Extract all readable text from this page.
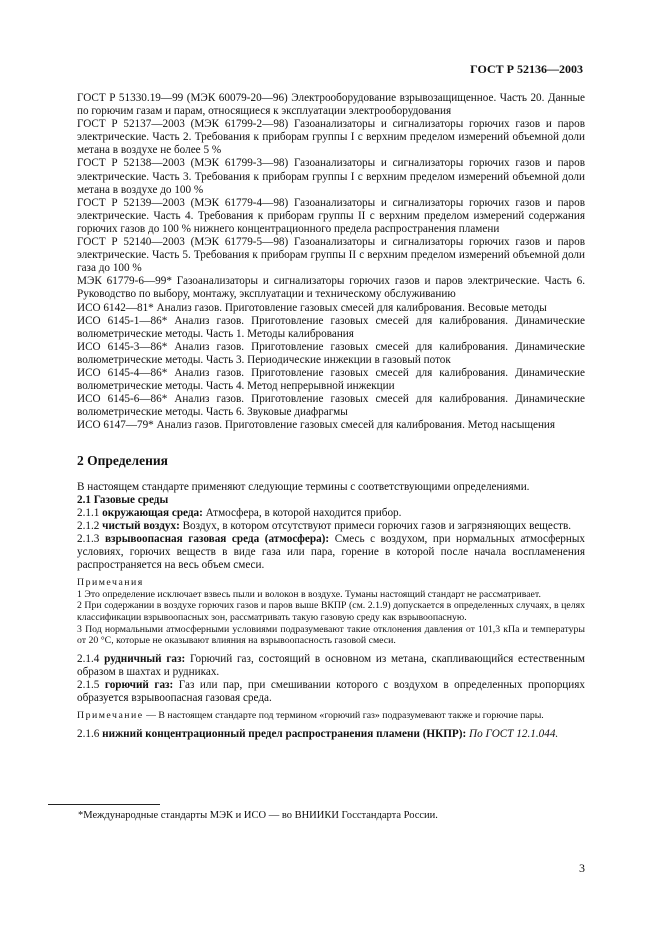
ГОСТ Р 52136—2003

ГОСТ Р 51330.19—99 (МЭК 60079-20—96) Электрооборудование взрывозащищенное. Часть 20. Данные по горючим газам и парам, относящиеся к эксплуатации электрооборудования

ГОСТ Р 52137—2003 (МЭК 61799-2—98) Газоанализаторы и сигнализаторы горючих газов и паров электрические. Часть 2. Требования к приборам группы I с верхним пределом измерений объемной доли метана в воздухе не более 5 %

ГОСТ Р 52138—2003 (МЭК 61799-3—98) Газоанализаторы и сигнализаторы горючих газов и паров электрические. Часть 3. Требования к приборам группы I с верхним пределом измерений объемной доли метана в воздухе до 100 %

ГОСТ Р 52139—2003 (МЭК 61779-4—98) Газоанализаторы и сигнализаторы горючих газов и паров электрические. Часть 4. Требования к приборам группы II с верхним пределом измерений содержания горючих газов до 100 % нижнего концентрационного предела распространения пламени

ГОСТ Р 52140—2003 (МЭК 61779-5—98) Газоанализаторы и сигнализаторы горючих газов и паров электрические. Часть 5. Требования к приборам группы II с верхним пределом измерений объемной доли газа до 100 %

МЭК 61779-6—99* Газоанализаторы и сигнализаторы горючих газов и паров электрические. Часть 6. Руководство по выбору, монтажу, эксплуатации и техническому обслуживанию

ИСО 6142—81* Анализ газов. Приготовление газовых смесей для калибрования. Весовые методы

ИСО 6145-1—86* Анализ газов. Приготовление газовых смесей для калибрования. Динамические волюметрические методы. Часть 1. Методы калибрования

ИСО 6145-3—86* Анализ газов. Приготовление газовых смесей для калибрования. Динамические волюметрические методы. Часть 3. Периодические инжекции в газовый поток

ИСО 6145-4—86* Анализ газов. Приготовление газовых смесей для калибрования. Динамические волюметрические методы. Часть 4. Метод непрерывной инжекции

ИСО 6145-6—86* Анализ газов. Приготовление газовых смесей для калибрования. Динамические волюметрические методы. Часть 6. Звуковые диафрагмы

ИСО 6147—79* Анализ газов. Приготовление газовых смесей для калибрования. Метод насыщения

2 Определения

В настоящем стандарте применяют следующие термины с соответствующими определениями.

2.1 Газовые среды

2.1.1 окружающая среда: Атмосфера, в которой находится прибор.

2.1.2 чистый воздух: Воздух, в котором отсутствуют примеси горючих газов и загрязняющих веществ.

2.1.3 взрывоопасная газовая среда (атмосфера): Смесь с воздухом, при нормальных атмосферных условиях, горючих веществ в виде газа или пара, горение в которой после начала воспламенения распространяется на весь объем смеси.

Примечания

1 Это определение исключает взвесь пыли и волокон в воздухе. Туманы настоящий стандарт не рассматривает.

2 При содержании в воздухе горючих газов и паров выше ВКПР (см. 2.1.9) допускается в определенных случаях, в целях классификации взрывоопасных зон, рассматривать такую газовую среду как взрывоопасную.

3 Под нормальными атмосферными условиями подразумевают такие отклонения давления от 101,3 кПа и температуры от 20 °С, которые не оказывают влияния на взрывоопасность газовой смеси.

2.1.4 рудничный газ: Горючий газ, состоящий в основном из метана, скапливающийся естественным образом в шахтах и рудниках.

2.1.5 горючий газ: Газ или пар, при смешивании которого с воздухом в определенных пропорциях образуется взрывоопасная газовая среда.

Примечание — В настоящем стандарте под термином «горючий газ» подразумевают также и горючие пары.

2.1.6 нижний концентрационный предел распространения пламени (НКПР): По ГОСТ 12.1.044.

*Международные стандарты МЭК и ИСО — во ВНИИКИ Госстандарта России.
3
